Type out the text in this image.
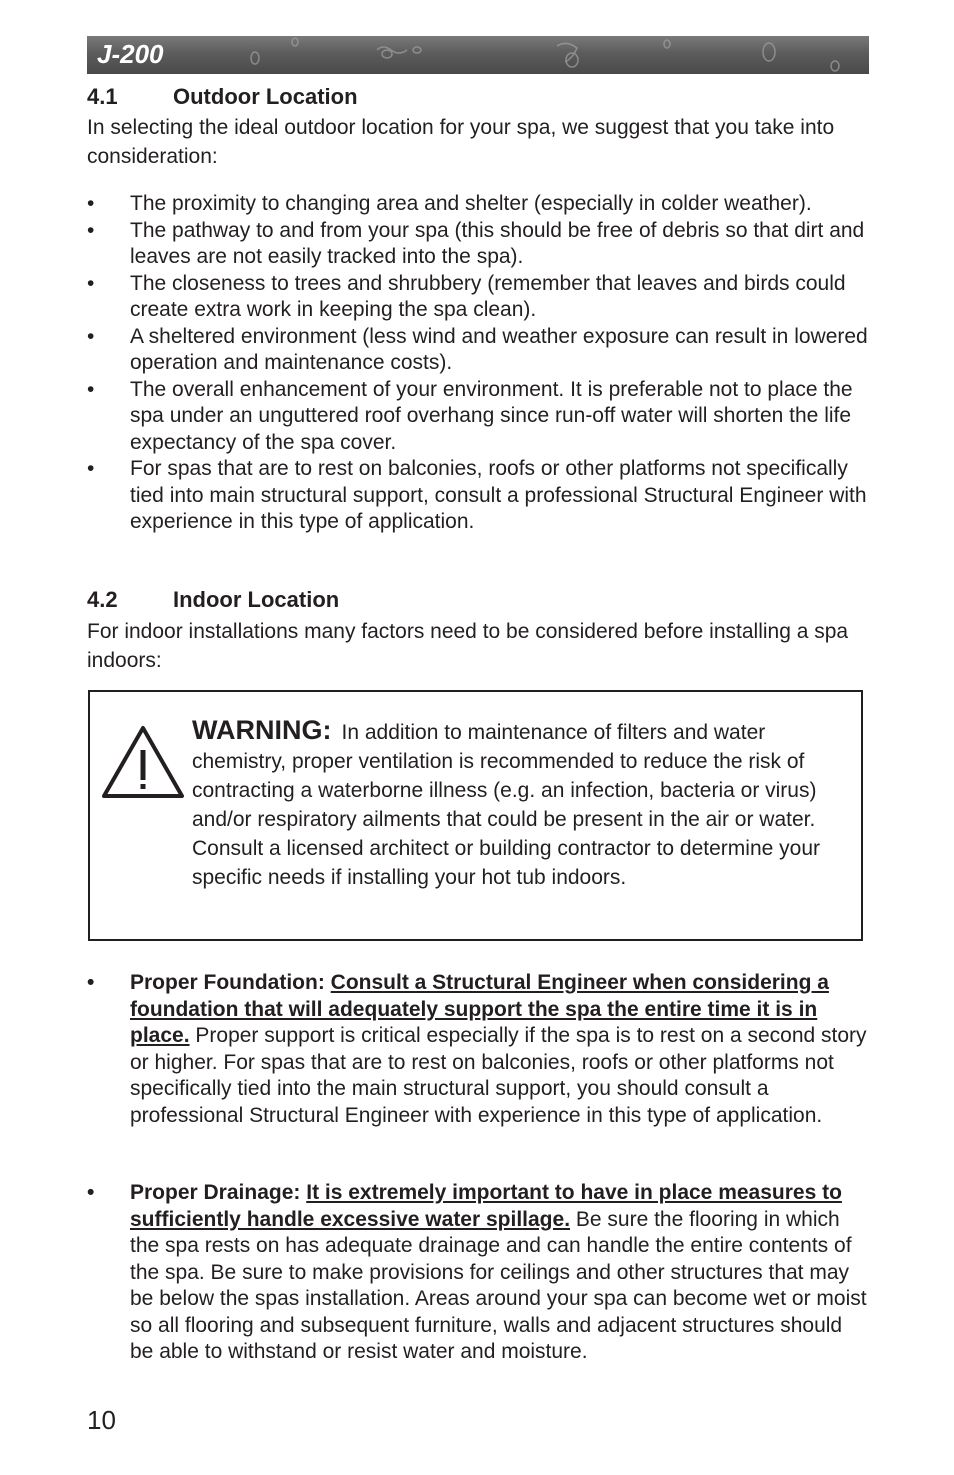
J-200
4.1	Outdoor Location

In selecting the ideal outdoor location for your spa, we suggest that you take into consideration:

•	The proximity to changing area and shelter (especially in colder weather).
•	The pathway to and from your spa (this should be free of debris so that dirt and leaves are not easily tracked into the spa).
•	The closeness to trees and shrubbery (remember that leaves and birds could create extra work in keeping the spa clean).
•	A sheltered environment (less wind and weather exposure can result in lowered operation and maintenance costs).
•	The overall enhancement of your environment. It is preferable not to place the spa under an unguttered roof overhang since run-off water will shorten the life expectancy of the spa cover.
•	For spas that are to rest on balconies, roofs or other platforms not specifically tied into main structural support, consult a professional Structural Engineer with experience in this type of application.
4.2	Indoor Location

For indoor installations many factors need to be considered before installing a spa indoors:

WARNING: In addition to maintenance of filters and water chemistry, proper ventilation is recommended to reduce the risk of contracting a waterborne illness (e.g. an infection, bacteria or virus) and/or respiratory ailments that could be present in the air or water. Consult a licensed architect or building contractor to determine your specific needs if installing your hot tub indoors.
• Proper Foundation: Consult a Structural Engineer when considering a foundation that will adequately support the spa the entire time it is in place. Proper support is critical especially if the spa is to rest on a second story or higher. For spas that are to rest on balconies, roofs or other platforms not specifically tied into the main structural support, you should consult a professional Structural Engineer with experience in this type of application.
• Proper Drainage: It is extremely important to have in place measures to sufficiently handle excessive water spillage. Be sure the flooring in which the spa rests on has adequate drainage and can handle the entire contents of the spa. Be sure to make provisions for ceilings and other structures that may be below the spas installation. Areas around your spa can become wet or moist so all flooring and subsequent furniture, walls and adjacent structures should be able to withstand or resist water and moisture.
10
